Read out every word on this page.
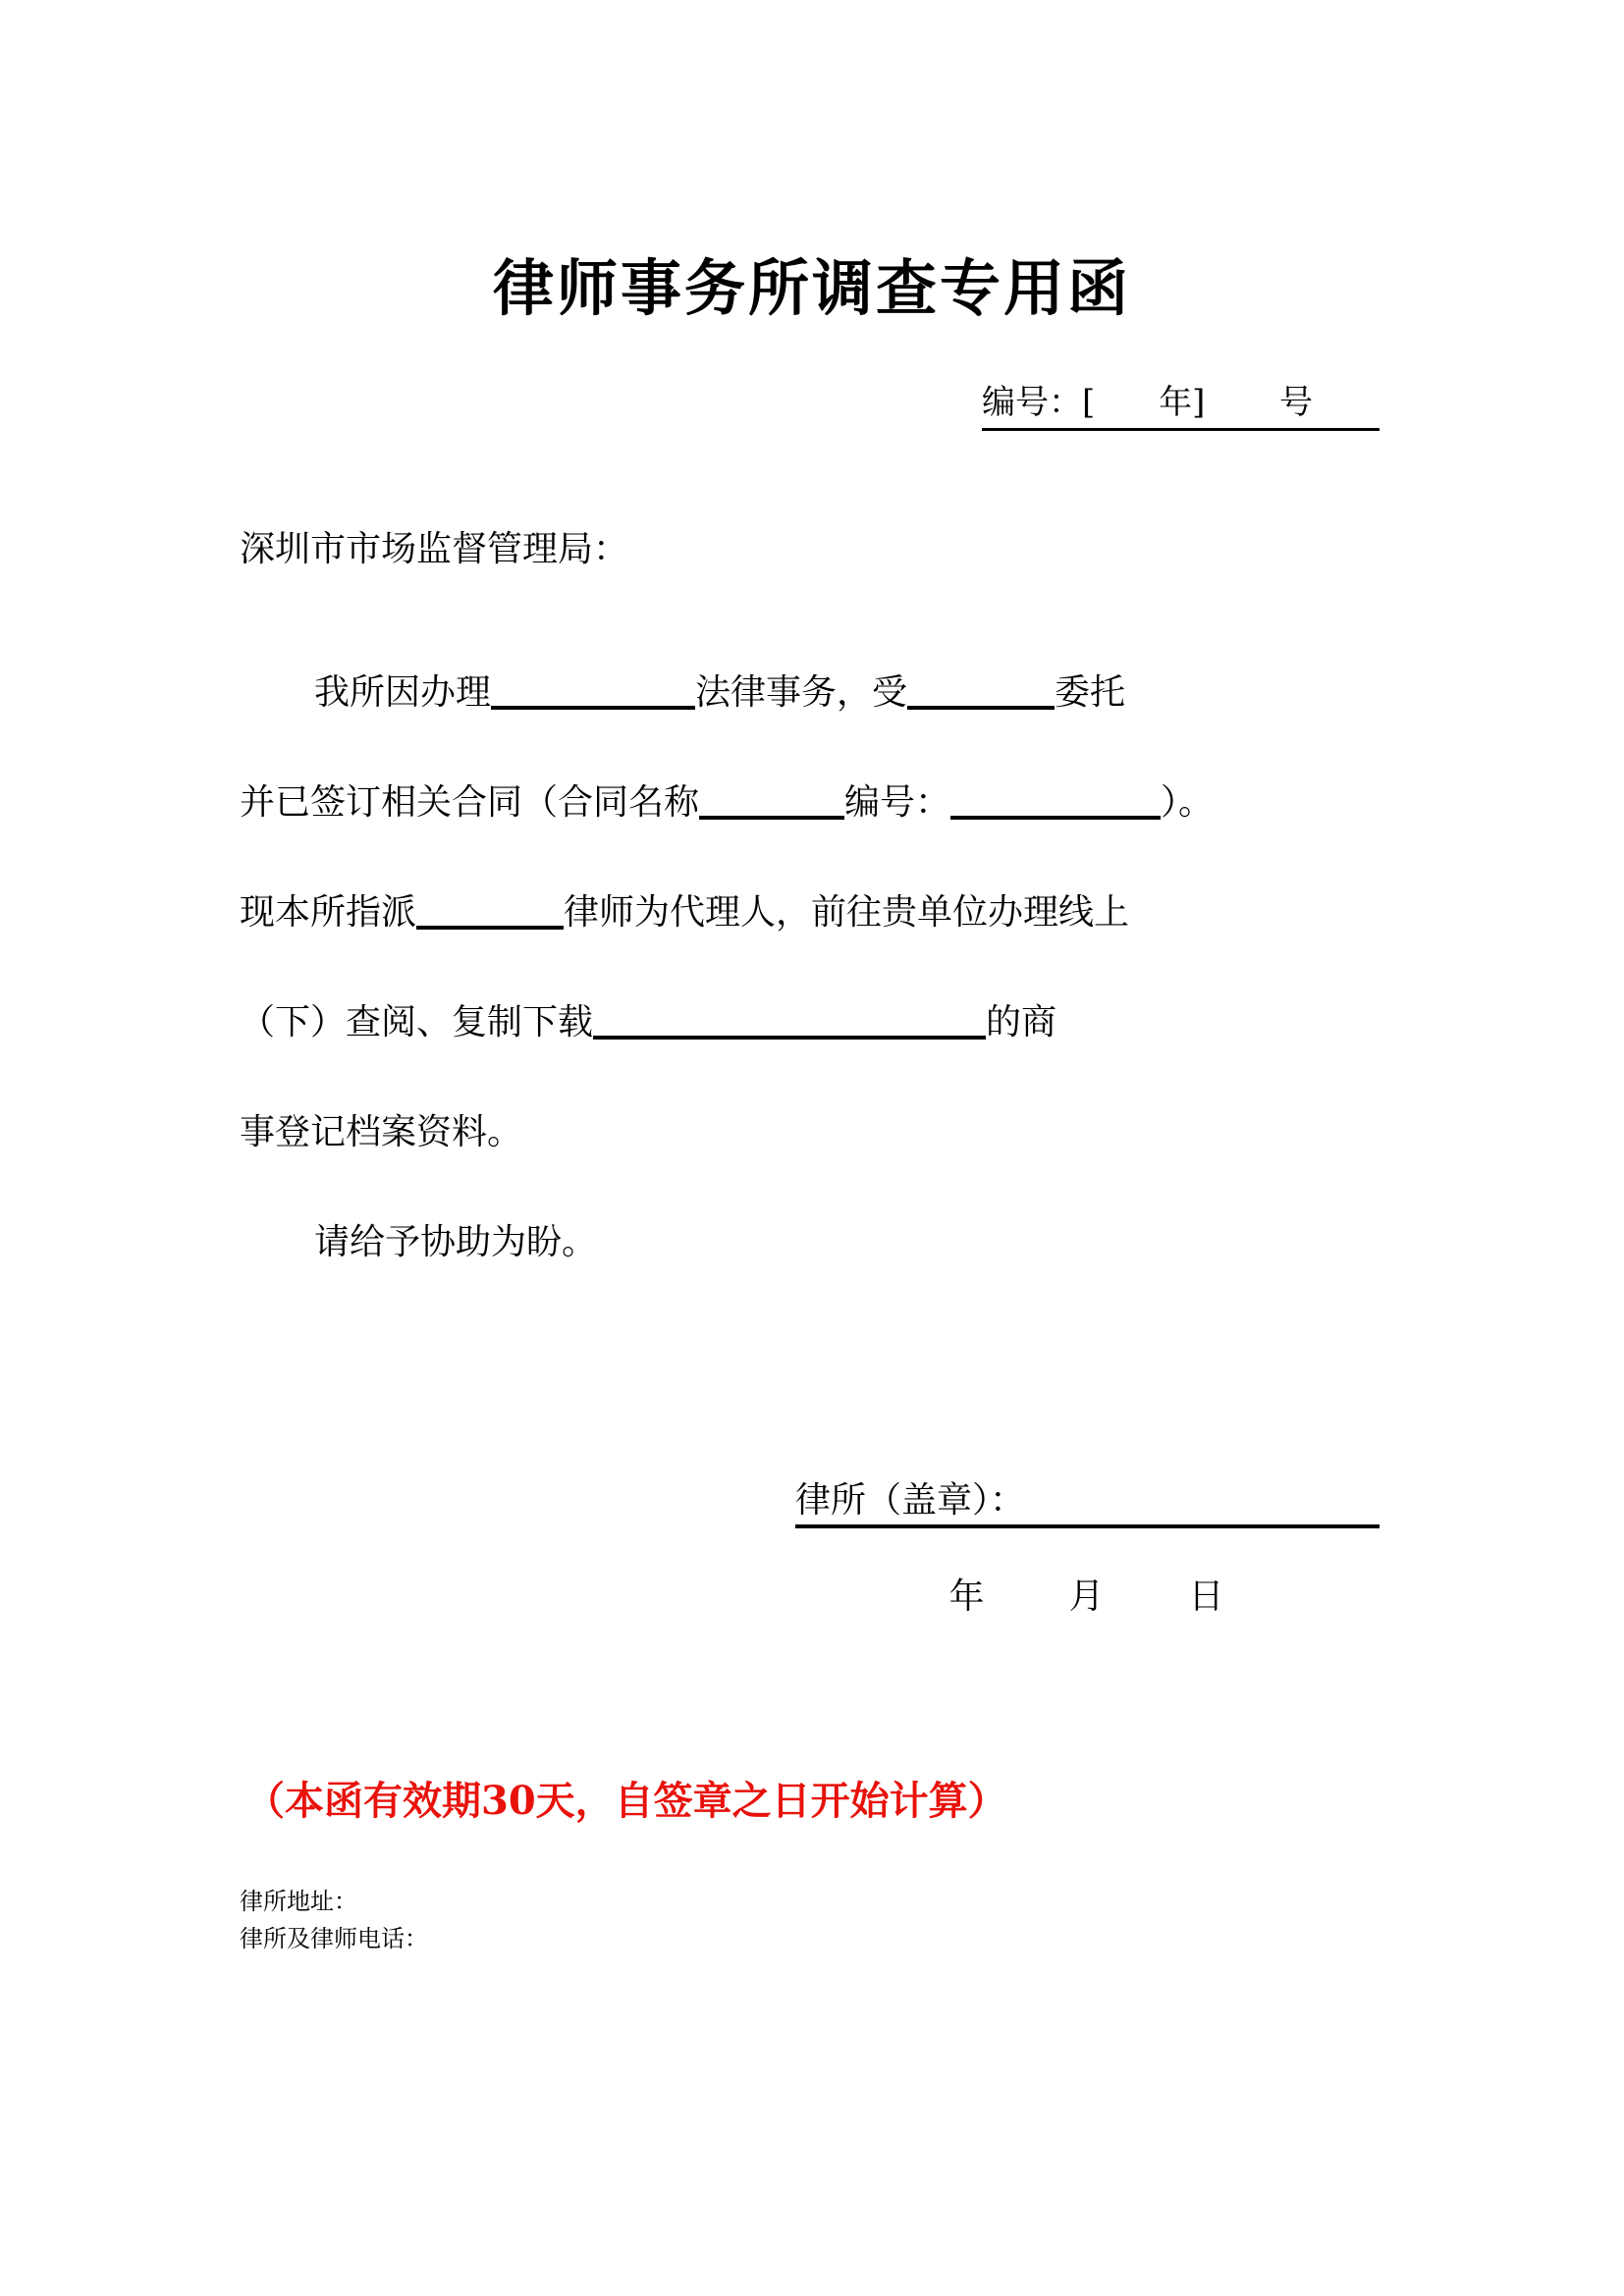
律师事务所调查专用函
编号：[      年]       号
深圳市市场监督管理局：
我所因办理	法律事务，受	委托
并已签订相关合同（合同名称	编号：	）。
现本所指派	律师为代理人，前往贵单位办理线上
（下）查阅、复制下载	的商
事登记档案资料。
请给予协助为盼。
律所（盖章）：
年 月 日
（本函有效期30天，自签章之日开始计算）
律所地址：
律所及律师电话：
